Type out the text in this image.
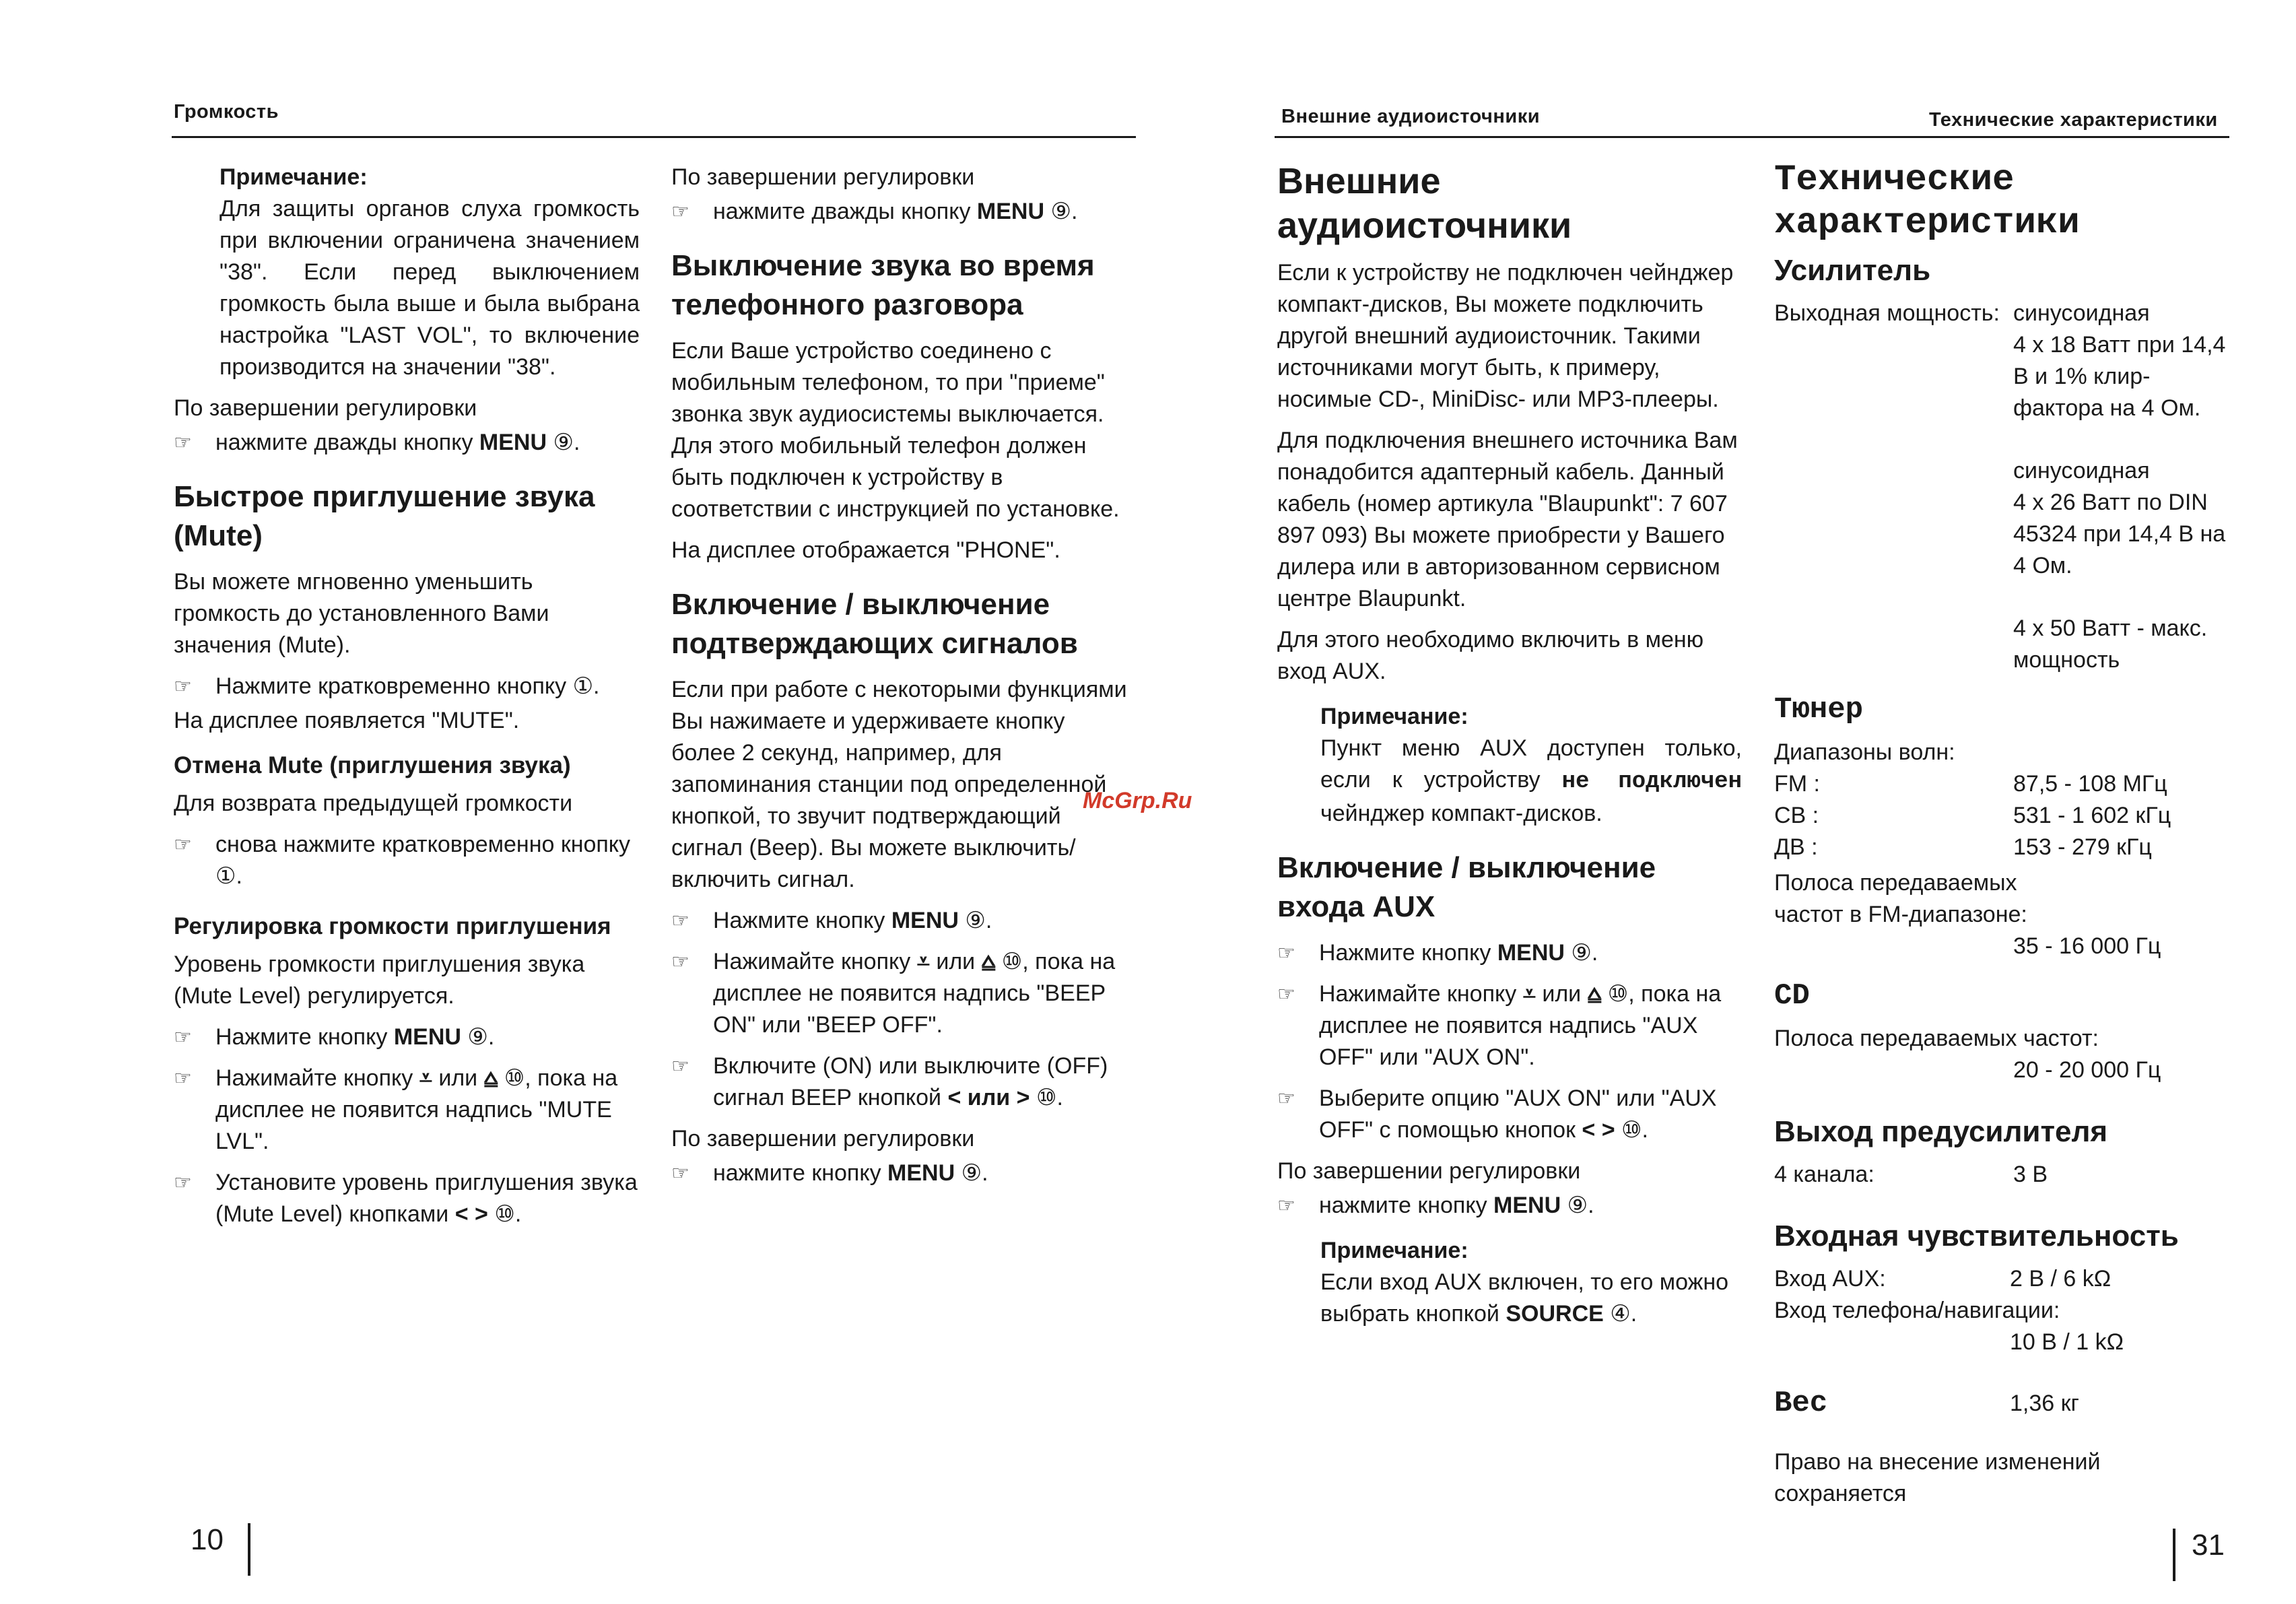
Громкость	Внешние аудиоисточники	Технические характеристики
Примечание:

Для защиты органов слуха громкость при включении ограничена значением "38". Если перед выключением громкость была выше и была выбрана настройка "LAST VOL", то включение производится на значении "38".

По завершении регулировки

☞ нажмите дважды кнопку MENU ⑨.
Быстрое приглушение звука (Mute)

Вы можете мгновенно уменьшить громкость до установленного Вами значения (Mute).

☞ Нажмите кратковременно кнопку ①.

На дисплее появляется "MUTE".

Отмена Mute (приглушения звука)

Для возврата предыдущей громкости

☞ снова нажмите кратковременно кнопку ①.
Регулировка громкости приглушения

Уровень громкости приглушения звука (Mute Level) регулируется.

☞ Нажмите кнопку MENU ⑨.
☞ Нажимайте кнопку ⩡ или ⩠ ⑩, пока на дисплее не появится надпись "MUTE LVL".
☞ Установите уровень приглушения звука (Mute Level) кнопками < > ⑩.

По завершении регулировки

☞ нажмите дважды кнопку MENU ⑨.
Выключение звука во время телефонного разговора

Если Ваше устройство соединено с мобильным телефоном, то при "приеме" звонка звук аудиосистемы выключается. Для этого мобильный телефон должен быть подключен к устройству в соответствии с инструкцией по установке.

На дисплее отображается "PHONE".

Включение / выключение подтверждающих сигналов

Если при работе с некоторыми функциями Вы нажимаете и удерживаете кнопку более 2 секунд, например, для запоминания станции под определенной кнопкой, то звучит подтверждающий сигнал (Beep). Вы можете выключить/включить сигнал.

☞ Нажмите кнопку MENU ⑨.
☞ Нажимайте кнопку ⩡ или ⩠ ⑩, пока на дисплее не появится надпись "BEEP ON" или "BEEP OFF".
☞ Включите (ON) или выключите (OFF) сигнал BEEP кнопкой < или > ⑩.

По завершении регулировки

☞ нажмите кнопку MENU ⑨.
Внешние аудиоисточники

Если к устройству не подключен чейнджер компакт-дисков, Вы можете подключить другой внешний аудиоисточник. Такими источниками могут быть, к примеру, носимые CD-, MiniDisc- или MP3-плееры.

Для подключения внешнего источника Вам понадобится адаптерный кабель. Данный кабель (номер артикула "Blaupunkt": 7 607 897 093) Вы можете приобрести у Вашего дилера или в авторизованном сервисном центре Blaupunkt.

Для этого необходимо включить в меню вход AUX.

Примечание:

Пункт меню AUX доступен только, если к устройству не подключен чейнджер компакт-дисков.

Включение / выключение входа AUX
☞ Нажмите кнопку MENU ⑨.
☞ Нажимайте кнопку ⩡ или ⩠ ⑩, пока на дисплее не появится надпись "AUX OFF" или "AUX ON".
☞ Выберите опцию "AUX ON" или "AUX OFF" с помощью кнопок < > ⑩.

По завершении регулировки

☞ нажмите кнопку MENU ⑨.
Примечание:

Если вход AUX включен, то его можно выбрать кнопкой SOURCE ④.

Технические характеристики
Усилитель
Выходная мощность: синусоидная
4 x 18 Ватт при 14,4 В и 1% клир-фактора на 4 Ом.
синусоидная
4 x 26 Ватт по DIN 45324 при 14,4 В на 4 Ом.
4 x 50 Ватт - макс. мощность
Тюнер
Диапазоны волн:
FM :	87,5 - 108 МГц
CB :	531 - 1 602 кГц
ДВ :	153 - 279 кГц
Полоса передаваемых частот в FM-диапазоне:
35 - 16 000 Гц
CD
Полоса передаваемых частот:
20 - 20 000 Гц
Выход предусилителя
4 канала:	3 В
Входная чувствительность
Вход AUX:	2 В / 6 kΩ
Вход телефона/навигации:
10 В / 1 kΩ
Вес	1,36 кг
Право на внесение изменений сохраняется
10	31
McGrp.Ru
